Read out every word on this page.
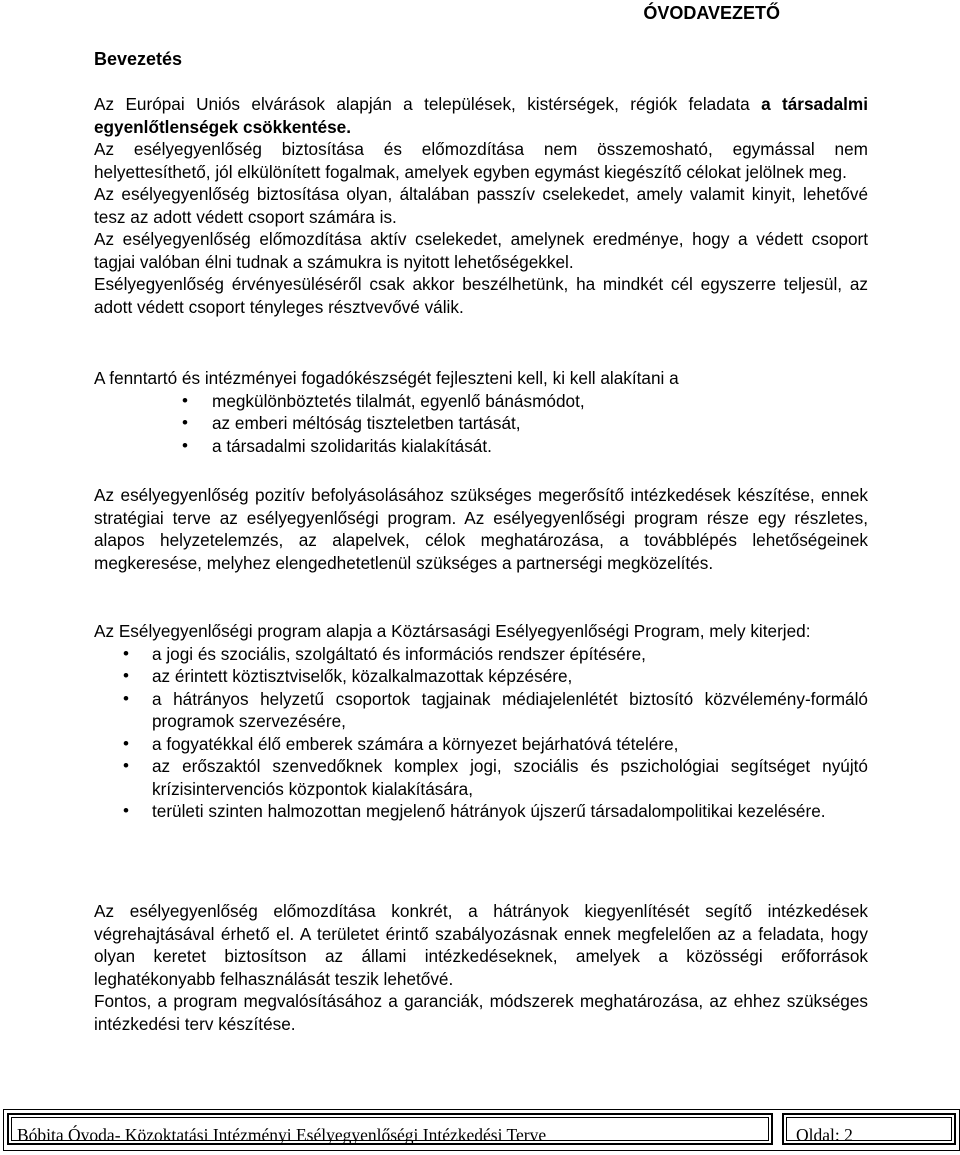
ÓVODAVEZETŐ
Bevezetés

Az Európai Uniós elvárások alapján a települések, kistérségek, régiók feladata a társadalmi egyenlőtlenségek csökkentése.

Az esélyegyenlőség biztosítása és előmozdítása nem összemosható, egymással nem helyettesíthető, jól elkülönített fogalmak, amelyek egyben egymást kiegészítő célokat jelölnek meg.

Az esélyegyenlőség biztosítása olyan, általában passzív cselekedet, amely valamit kinyit, lehetővé tesz az adott védett csoport számára is.

Az esélyegyenlőség előmozdítása aktív cselekedet, amelynek eredménye, hogy a védett csoport tagjai valóban élni tudnak a számukra is nyitott lehetőségekkel.

Esélyegyenlőség érvényesüléséről csak akkor beszélhetünk, ha mindkét cél egyszerre teljesül, az adott védett csoport tényleges résztvevővé válik.

A fenntartó és intézményei fogadókészségét fejleszteni kell, ki kell alakítani a

• megkülönböztetés tilalmát, egyenlő bánásmódot,
• az emberi méltóság tiszteletben tartását,
• a társadalmi szolidaritás kialakítását.

Az esélyegyenlőség pozitív befolyásolásához szükséges megerősítő intézkedések készítése, ennek stratégiai terve az esélyegyenlőségi program. Az esélyegyenlőségi program része egy részletes, alapos helyzetelemzés, az alapelvek, célok meghatározása, a továbblépés lehetőségeinek megkeresése, melyhez elengedhetetlenül szükséges a partnerségi megközelítés.

Az Esélyegyenlőségi program alapja a Köztársasági Esélyegyenlőségi Program, mely kiterjed:

• a jogi és szociális, szolgáltató és információs rendszer építésére,
• az érintett köztisztviselők, közalkalmazottak képzésére,
• a hátrányos helyzetű csoportok tagjainak médiajelenlétét biztosító közvélemény-formáló programok szervezésére,
• a fogyatékkal élő emberek számára a környezet bejárhatóvá tételére,
• az erőszaktól szenvedőknek komplex jogi, szociális és pszichológiai segítséget nyújtó krízisintervenciós központok kialakítására,
• területi szinten halmozottan megjelenő hátrányok újszerű társadalompolitikai kezelésére.

Az esélyegyenlőség előmozdítása konkrét, a hátrányok kiegyenlítését segítő intézkedések végrehajtásával érhető el. A területet érintő szabályozásnak ennek megfelelően az a feladata, hogy olyan keretet biztosítson az állami intézkedéseknek, amelyek a közösségi erőforrások leghatékonyabb felhasználását teszik lehetővé.

Fontos, a program megvalósításához a garanciák, módszerek meghatározása, az ehhez szükséges intézkedési terv készítése.

Bóbita Óvoda- Közoktatási Intézményi Esélyegyenlőségi Intézkedési Terve	Oldal: 2
